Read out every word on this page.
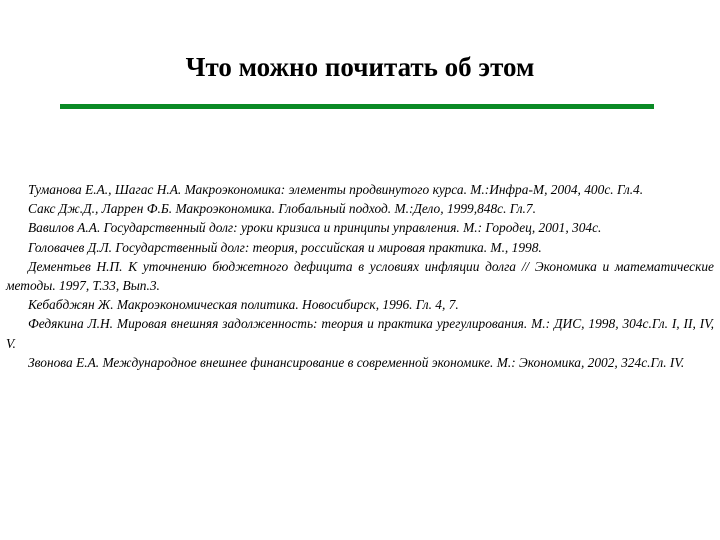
Что можно почитать об этом
Туманова Е.А., Шагас Н.А. Макроэкономика: элементы продвинутого курса. М.:Инфра-М, 2004, 400с. Гл.4.
Сакс Дж.Д., Ларрен Ф.Б. Макроэкономика. Глобальный подход. М.:Дело, 1999,848с. Гл.7.
Вавилов А.А. Государственный долг: уроки кризиса и принципы управления. М.: Городец, 2001, 304с.
Головачев Д.Л. Государственный долг: теория, российская и мировая практика. М., 1998.
Дементьев Н.П. К уточнению бюджетного дефицита в условиях инфляции долга // Экономика и математические методы. 1997, Т.33, Вып.3.
Кебабджян Ж. Макроэкономическая политика. Новосибирск, 1996. Гл. 4, 7.
Федякина Л.Н. Мировая внешняя задолженность: теория и практика урегулирования. М.: ДИС, 1998, 304с.Гл. I, II, IV, V.
Звонова Е.А. Международное внешнее финансирование в современной экономике. М.: Экономика, 2002, 324с.Гл. IV.
